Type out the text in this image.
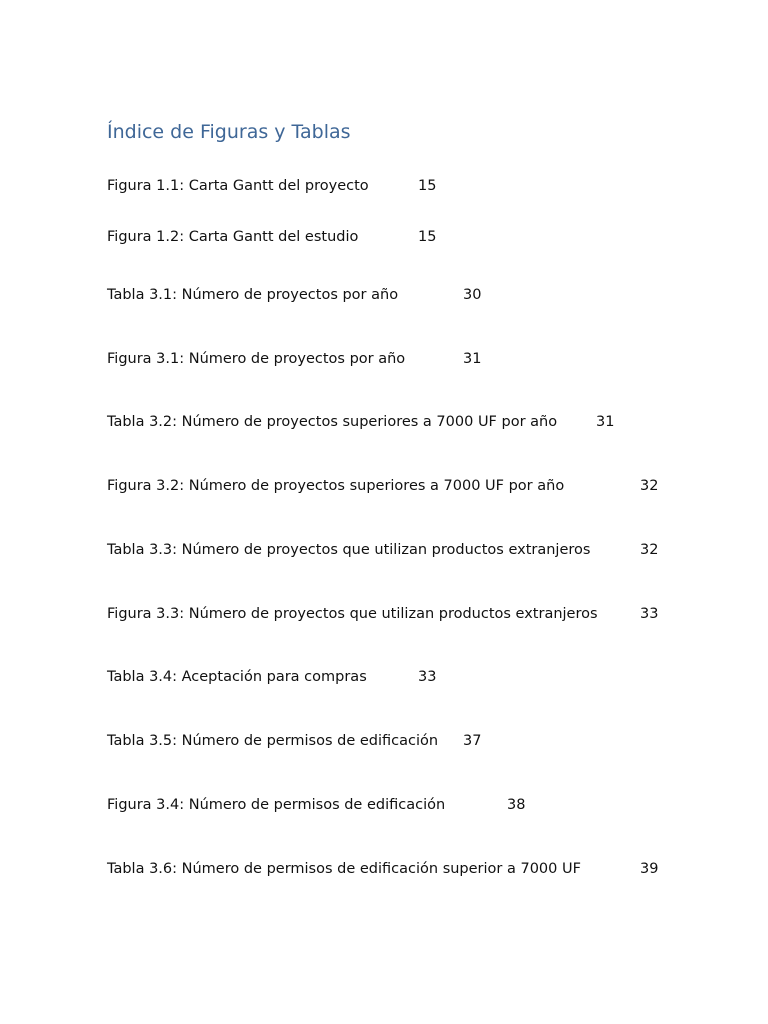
Índice de Figuras y Tablas
Figura 1.1: Carta Gantt del proyecto	15
Figura 1.2: Carta Gantt del estudio	15
Tabla 3.1: Número de proyectos por año	30
Figura 3.1: Número de proyectos por año	31
Tabla 3.2: Número de proyectos superiores a 7000 UF por año	31
Figura 3.2: Número de proyectos superiores a 7000 UF por año	32
Tabla 3.3: Número de proyectos que utilizan productos extranjeros	32
Figura 3.3: Número de proyectos que utilizan productos extranjeros	33
Tabla 3.4: Aceptación para compras	33
Tabla 3.5: Número de permisos de edificación 37
Figura 3.4: Número de permisos de edificación	38
Tabla 3.6: Número de permisos de edificación superior a 7000 UF	39
